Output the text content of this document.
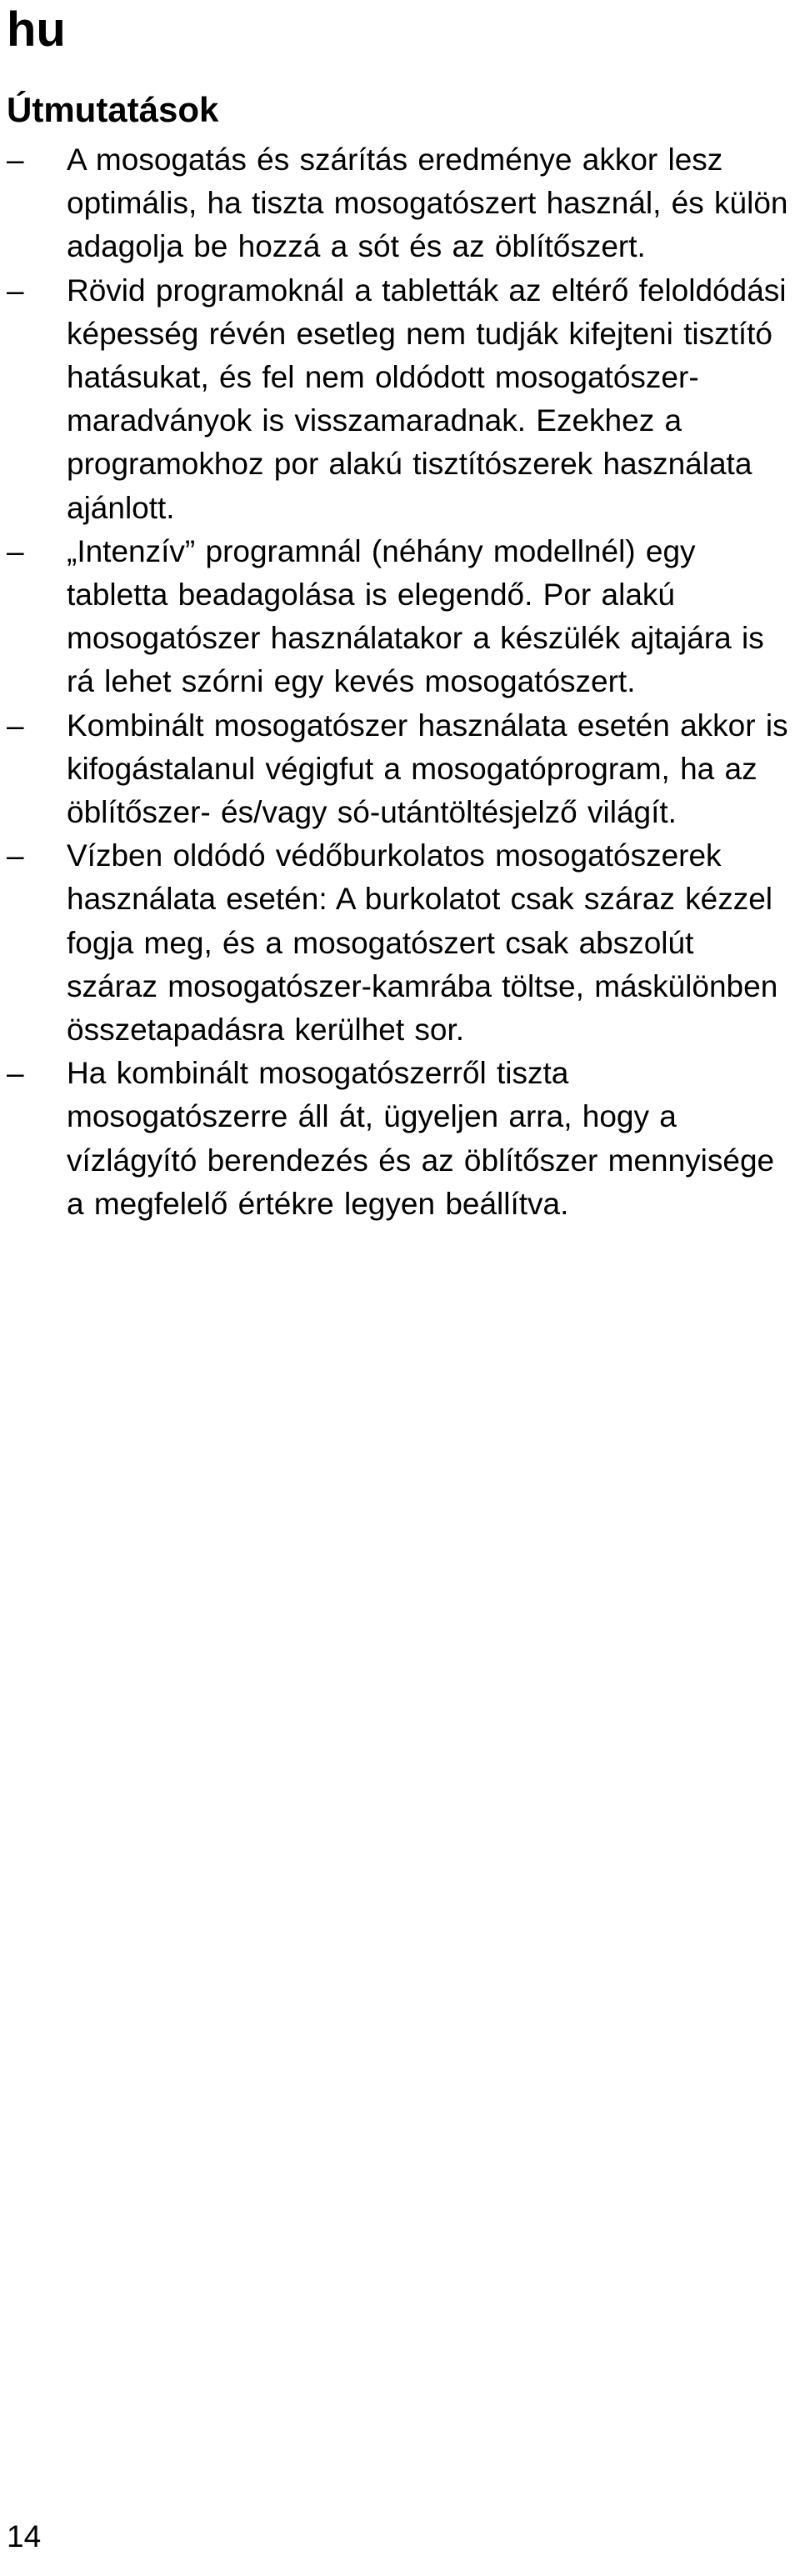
hu
Útmutatások
– A mosogatás és szárítás eredménye akkor lesz optimális, ha tiszta mosogatószert használ, és külön adagolja be hozzá a sót és az öblítőszert.
– Rövid programoknál a tabletták az eltérő feloldódási képesség révén esetleg nem tudják kifejteni tisztító hatásukat, és fel nem oldódott mosogatószer-maradványok is visszamaradnak. Ezekhez a programokhoz por alakú tisztítószerek használata ajánlott.
– „Intenzív” programnál (néhány modellnél) egy tabletta beadagolása is elegendő. Por alakú mosogatószer használatakor a készülék ajtajára is rá lehet szórni egy kevés mosogatószert.
– Kombinált mosogatószer használata esetén akkor is kifogástalanul végigfut a mosogatóprogram, ha az öblítőszer- és/vagy só-utántöltésjelző világít.
– Vízben oldódó védőburkolatos mosogatószerek használata esetén: A burkolatot csak száraz kézzel fogja meg, és a mosogatószert csak abszolút száraz mosogatószer-kamrába töltse, máskülönben összetapadásra kerülhet sor.
– Ha kombinált mosogatószerről tiszta mosogatószerre áll át, ügyeljen arra, hogy a vízlágyító berendezés és az öblítőszer mennyisége a megfelelő értékre legyen beállítva.
14
